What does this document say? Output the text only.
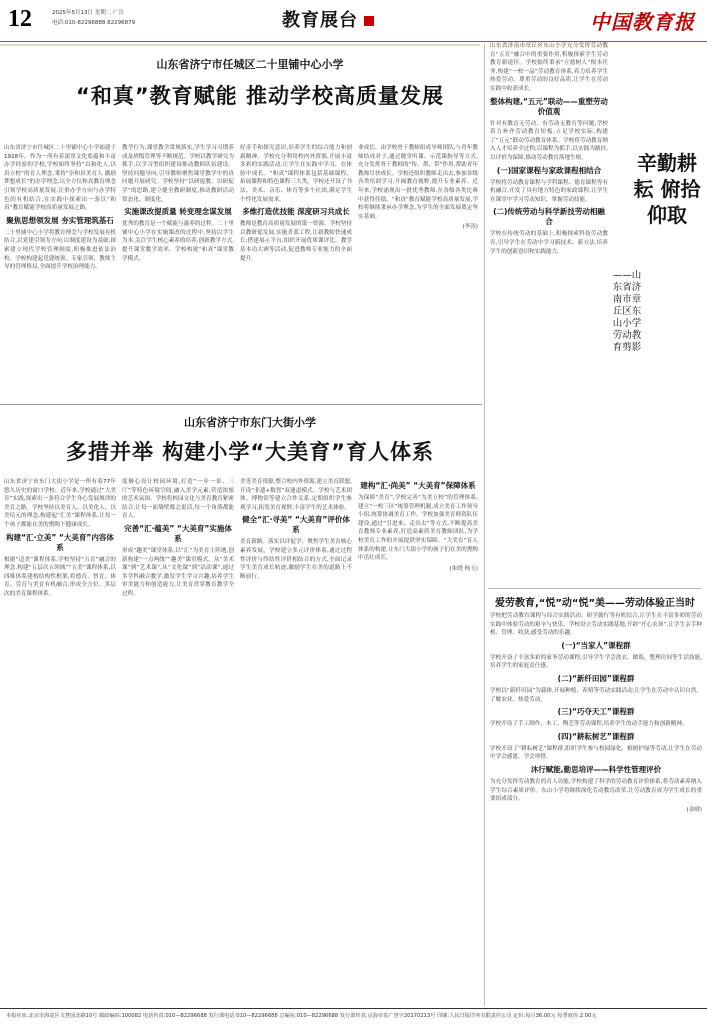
12	2025年5月13日 星期二 广告
电话:010-82296888 82296879	教育展台	中国教育报
山东省济宁市任城区二十里铺中心小学
“和真”教育赋能 推动学校高质量发展

山东省济宁市任城区二十里铺中心小学始建于1928年。作为一所有着深厚文化底蕴和丰富办学经验的学校,学校始终坚持“以和化人,以真立校”的育人理念,秉持“崇和真美育人 激励梦想成长”的办学理念,以全方位和真教育理念引领学校高质量发展,注重办学方向与办学特色的有机结合,在实践中探索出一条以“和真”教育赋能学校高质量发展之路。

聚焦思想领发展 夯实管理筑基石

二十里铺中心小学将教育理念与学校发展有机结合,以党建引领为方向,以制度建设为基础,探索建立现代学校管理制度,积极推进依法治校。学校构建起党建统领、专家引领、教师主导的管理格局,全面提升学校治理能力。

教学行为,课堂教学常规落实,学生学习习惯养成及班级管理等不断规范。学校以教学研究为抓手,以学习型组织建设推动教师队伍建设。坚持问题导向,引导教师聚焦课堂教学中的真问题开展研究。学校坚持“以研促教、以研促学”的思路,建立健全教研制度,推动教研活动常态化、制度化。

实施课改提质量 转变理念谋发展

优秀的教育是一个赋能与滋养的过程。二十里铺中心小学在实施课改的过程中,坚持以学生为本,关注学生核心素养的培养,创新教学方式,提升课堂教学效率。学校构建“和真”课堂教学模式。

好奇手和探究意识,培养学生的综合能力和创新精神。学校充分利用校内外资源,开展丰富多彩的实践活动,让学生在实践中学习、在体验中成长。“和真”课程体系包括基础课程、拓展课程和特色课程三大类。学校还开设了书法、美术、音乐、体育等多个社团,满足学生个性化发展需求。

多维打造优技能 深度研习共成长

教师是教育高质量发展的第一资源。学校坚持以教研促发展,实施青蓝工程,让新教师快速成长;搭建展示平台,组织开展优质课评比、教学基本功大赛等活动,促进教师专业能力的全面提升。

业成长。由学校骨干教师组成导师团队,与青年教师结成对子,通过随堂听课、示范课指导等方式,充分发挥骨干教师的“传、帮、带”作用,帮助青年教师尽快成长。学校还组织教师走出去,参加各级各类培训学习,开阔教育视野,提升专业素养。近年来,学校涌现出一批优秀教师,在各级各类比赛中获得佳绩。“和真”教育赋能学校高质量发展,学校将继续秉承办学理念,为学生的全面发展奠定坚实基础。

(李涛)
山东省济宁市东门大街小学
多措并举 构建小学“大美育”育人体系

山东省济宁市东门大街小学是一所有着77年悠久历史的窗口学校。近年来,学校通过“大美育”实践,探索出一条符合学生身心发展规律的美育之路。学校坚持以美育人、以美化人、以美培元的理念,构建起“汇美”课程体系,让每一个孩子都能在美的熏陶下健康成长。

构建“汇·立美” “大美育”内容体系

根据“适美”课程体系,学校坚持“五育”融合的理念,构建“五层次五领域”“五美”课程体系,以四维体系建构结构性框架,将德育、智育、体育、劳育与美育有机融合,形成全方位、多层次的美育课程体系。

度极心设计校园环境,打造“一步一景、三厅”等特色环境空间,融入美学元素,营造浓郁的艺术氛围。学校将校园文化与美育教育紧密结合,让每一面墙壁都会说话,每一个角落都能育人。

完善“汇·蕴美” “大美育”实施体系

形成“趣美”课堂体系,以“汇”为美育主阵地,创新构建“一点两线”“趣美”课堂模式。从“美术课”到“艺术课”,从“文化课”到“活动课”,通过多学科融合教学,激发学生学习兴趣,培养学生审美能力和创造能力,让美育贯穿教育教学全过程。

美等美育资源,整合校内外资源,建立美育联盟,开设“非遗+数智”双速道模式。学校与艺术团体、博物馆等建立合作关系,定期组织学生参观学习,拓宽美育视野,丰富学生的艺术体验。

健全“汇·寻美” “大美育”评价体系

美育新路。落实以评促学、聚焦学生美育核心素养发展。学校建立多元评价体系,通过过程性评价与终结性评价相结合的方式,全面记录学生美育成长轨迹,激励学生在美的道路上不断前行。

建构“汇·尚美” “大美育”保障体系

为保障“美育”,学校完善“为美立校”的管理体系,建立“一校三区”统筹管理机制,成立美育工作领导小组,统筹协调美育工作。学校加强美育师资队伍建设,通过“引进来、走出去”等方式,不断提高美育教师专业素养,打造高素质美育教师团队,为学校美育工作的开展提供坚实保障。“大美育”育人体系的构建,让东门大街小学的孩子们在美的熏陶中茁壮成长。

(朱晓 杨玉)

山东省济南市章丘区东山小学充分发挥劳动教育“五育”融合中的重要作用,积极探索学生劳动教育新途径。学校始终秉承“立德树人”根本任务,构建“一校一品”劳动教育体系,着力培养学生热爱劳动、尊重劳动的良好品质,让学生在劳动实践中收获成长。

整体构建,“五元”联动——重塑劳动价值观

针对有教育无劳动、有劳动无教育等问题,学校着力补齐劳动教育短板,立足学校实际,构建了“五元”联动劳动教育体系。学校将劳动教育纳入人才培养全过程,以课程为抓手,以实践为路径,以评价为保障,推动劳动教育落地生根。

(一)国家课程与家政课程相结合

学校将劳动教育课程与学科课程、德育课程等有机融合,开发了具有地方特色的家政课程,让学生在课堂中学习劳动知识、掌握劳动技能。

(二)传统劳动与科学新技劳动相融合

学校在传统劳动的基础上,积极探索科技劳动教育,引导学生在劳动中学习新技术、新方法,培养学生的创新意识和实践能力。

辛勤耕耘 俯拾仰取
——山东省济南市章丘区东山小学劳动教育剪影
爱劳教育,“悦”动“悦”美——劳动体验正当时

学校把劳动教育课程与综合实践活动、研学旅行等有机结合,让学生在丰富多彩的劳动实践中体验劳动的艰辛与快乐。学校设立劳动实践基地,开辟“开心农场”,让学生亲手种植、管理、收获,感受劳动的乐趣。

(一)“当家人”课程群

学校开设了丰富多彩的家务劳动课程,引导学生学会洗衣、做饭、整理房间等生活技能,培养学生的家庭责任感。

(二)“新纤田园”课程群

学校以“新纤田园”为载体,开展种植、养殖等劳动实践活动,让学生在劳动中认识自然、了解农业、热爱劳动。

(三)“巧夺天工”课程群

学校开设了手工制作、木工、陶艺等劳动课程,培养学生的动手能力和创新精神。

(四)“耕耘树艺”课程群

学校开设了“耕耘树艺”课程群,组织学生参与校园绿化、植树护绿等劳动,让学生在劳动中学会感恩、学会珍惜。

沐行赋能,勤思培评——科学性管理评价

为充分发挥劳动教育的育人功能,学校构建了科学的劳动教育评价体系,将劳动素养纳入学生综合素质评价。东山小学将继续深化劳动教育改革,让劳动教育成为学生成长的重要组成部分。

(金晴)
本报社址:北京市海淀区文慧园北路10号 邮政编码:100082 电话传真:010—82296688 发行部电话:010—82296688 总编室:010—82296688 发行部传真:京海市监广登字20170213号 印刷:人民日报印务有限责任公司 定价:每月36.00元 每季度价:2.00元
